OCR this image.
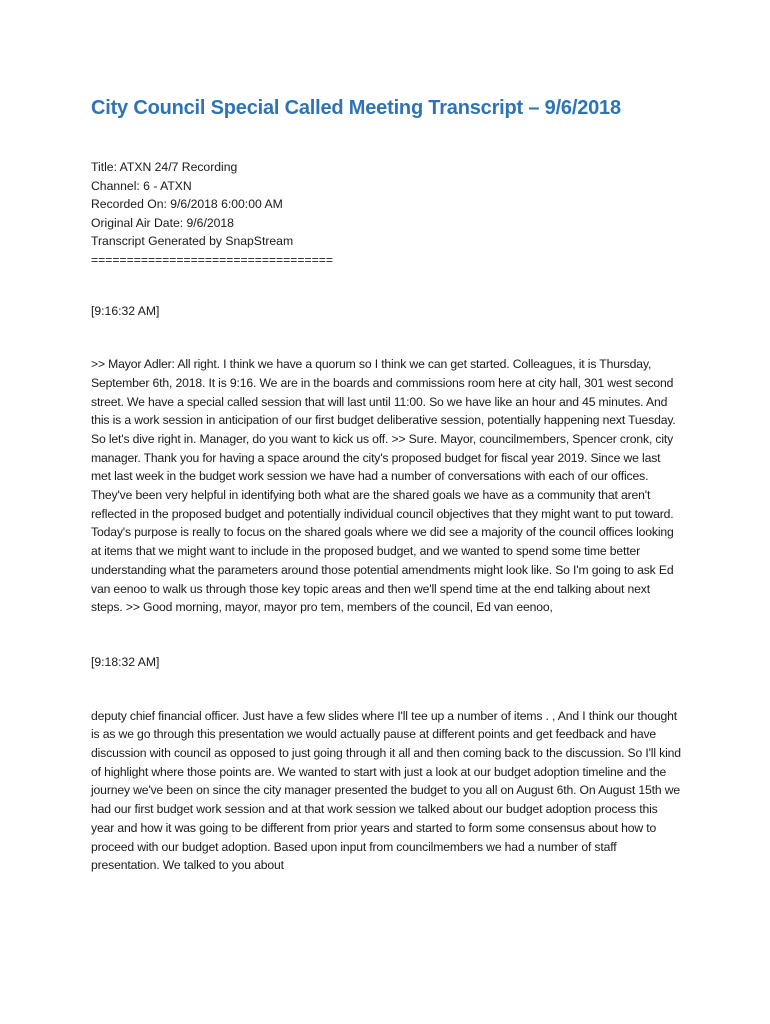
City Council Special Called Meeting Transcript – 9/6/2018
Title: ATXN 24/7 Recording
Channel: 6 - ATXN
Recorded On: 9/6/2018 6:00:00 AM
Original Air Date: 9/6/2018
Transcript Generated by SnapStream
==================================
[9:16:32 AM]

>> Mayor Adler: All right. I think we have a quorum so I think we can get started. Colleagues, it is Thursday, September 6th, 2018. It is 9:16. We are in the boards and commissions room here at city hall, 301 west second street. We have a special called session that will last until 11:00. So we have like an hour and 45 minutes. And this is a work session in anticipation of our first budget deliberative session, potentially happening next Tuesday. So let's dive right in. Manager, do you want to kick us off. >> Sure. Mayor, councilmembers, Spencer cronk, city manager. Thank you for having a space around the city's proposed budget for fiscal year 2019. Since we last met last week in the budget work session we have had a number of conversations with each of our offices. They've been very helpful in identifying both what are the shared goals we have as a community that aren't reflected in the proposed budget and potentially individual council objectives that they might want to put toward. Today's purpose is really to focus on the shared goals where we did see a majority of the council offices looking at items that we might want to include in the proposed budget, and we wanted to spend some time better understanding what the parameters around those potential amendments might look like. So I'm going to ask Ed van eenoo to walk us through those key topic areas and then we'll spend time at the end talking about next steps. >> Good morning, mayor, mayor pro tem, members of the council, Ed van eenoo,

[9:18:32 AM]

deputy chief financial officer. Just have a few slides where I'll tee up a number of items . , And I think our thought is as we go through this presentation we would actually pause at different points and get feedback and have discussion with council as opposed to just going through it all and then coming back to the discussion. So I'll kind of highlight where those points are. We wanted to start with just a look at our budget adoption timeline and the journey we've been on since the city manager presented the budget to you all on August 6th. On August 15th we had our first budget work session and at that work session we talked about our budget adoption process this year and how it was going to be different from prior years and started to form some consensus about how to proceed with our budget adoption. Based upon input from councilmembers we had a number of staff presentation. We talked to you about
